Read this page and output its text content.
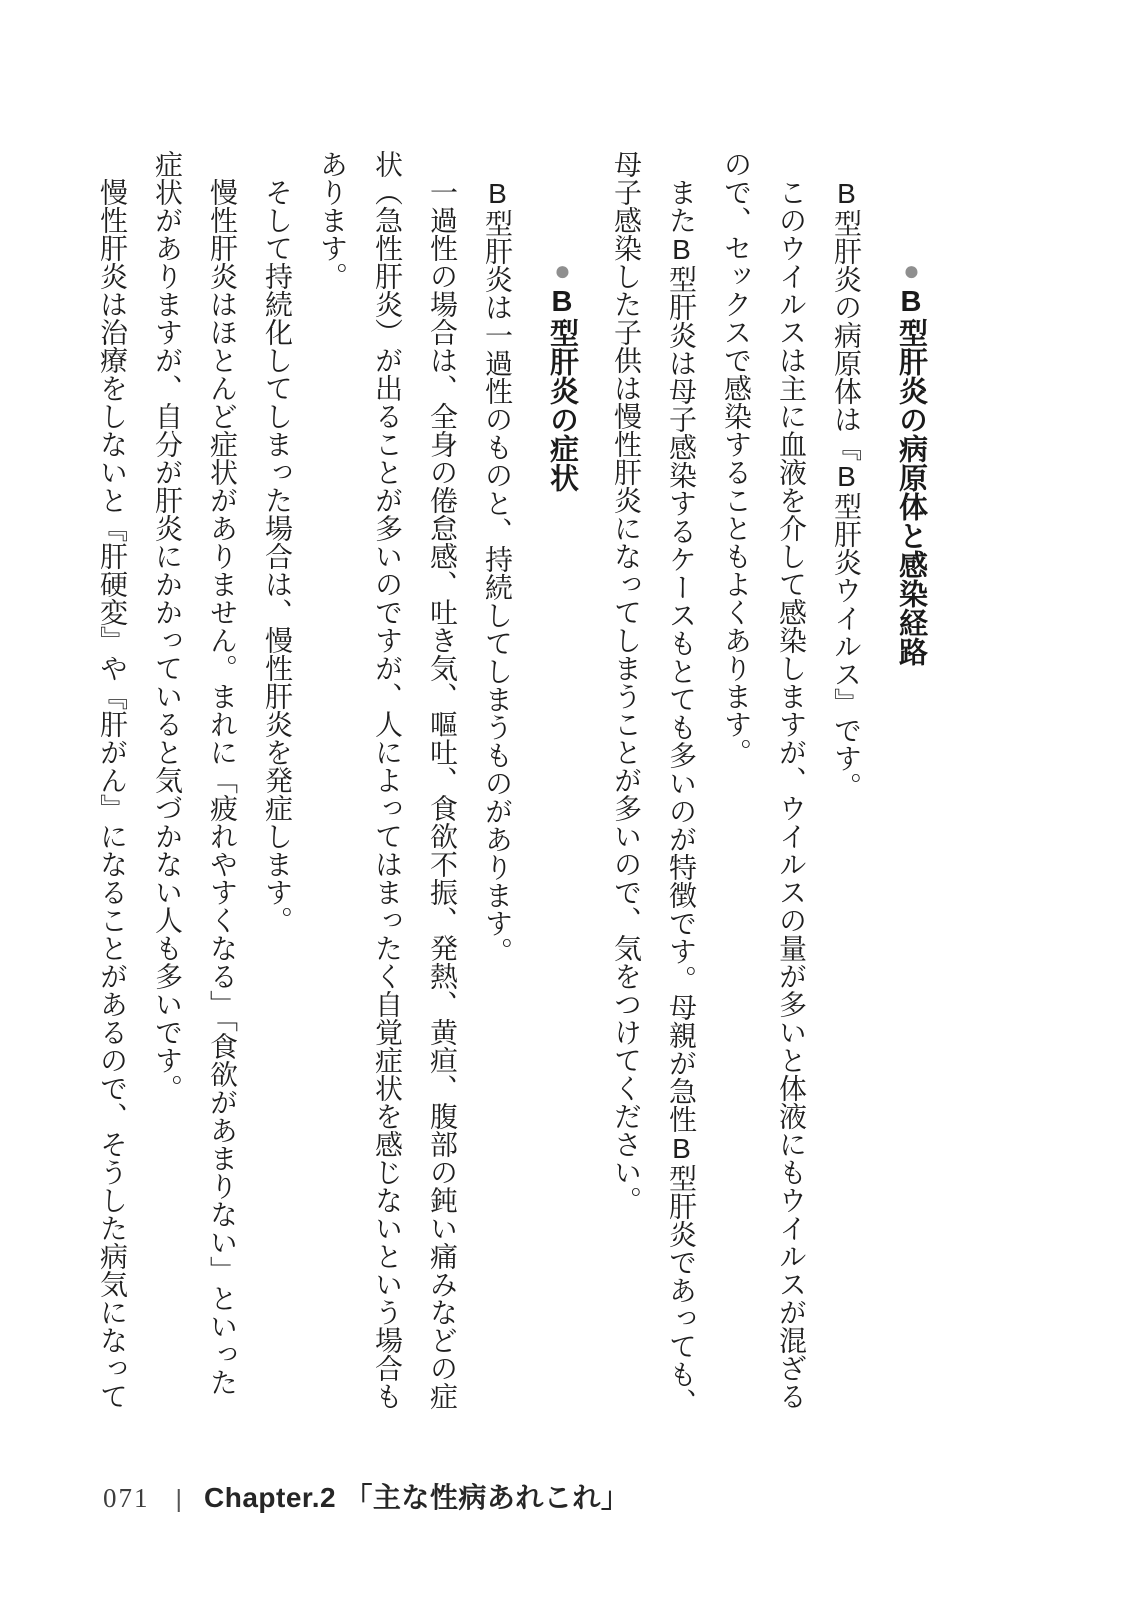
●B型肝炎の病原体と感染経路

B型肝炎の病原体は『B型肝炎ウイルス』です。

このウイルスは主に血液を介して感染しますが、ウイルスの量が多いと体液にもウイルスが混ざるので、セックスで感染することもよくあります。

またB型肝炎は母子感染するケースもとても多いのが特徴です。母親が急性B型肝炎であっても、母子感染した子供は慢性肝炎になってしまうことが多いので、気をつけてください。

●B型肝炎の症状

B型肝炎は一過性のものと、持続してしまうものがあります。

一過性の場合は、全身の倦怠感、吐き気、嘔吐、食欲不振、発熱、黄疸、腹部の鈍い痛みなどの症状（急性肝炎）が出ることが多いのですが、人によってはまったく自覚症状を感じないという場合もあります。

そして持続化してしまった場合は、慢性肝炎を発症します。

慢性肝炎はほとんど症状がありません。まれに「疲れやすくなる」「食欲があまりない」といった症状がありますが、自分が肝炎にかかっていると気づかない人も多いです。

慢性肝炎は治療をしないと『肝硬変』や『肝がん』になることがあるので、そうした病気になって

071 | Chapter.2 「主な性病あれこれ」
